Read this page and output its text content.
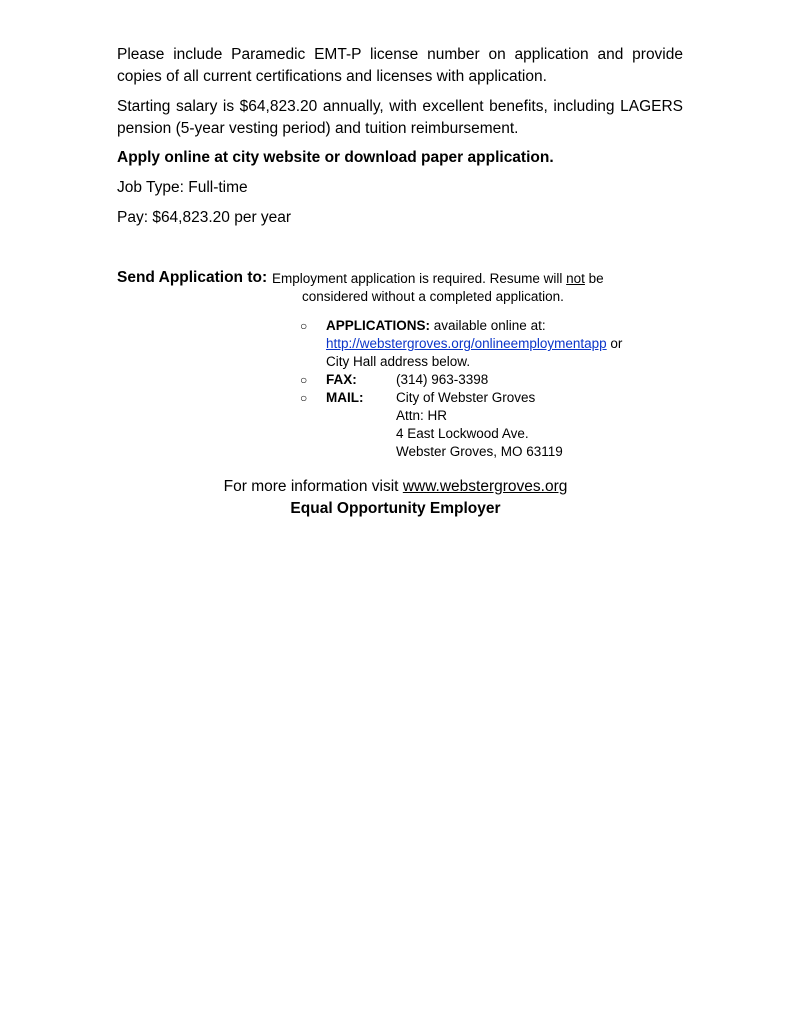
Please include Paramedic EMT-P license number on application and provide copies of all current certifications and licenses with application.

Starting salary is $64,823.20 annually, with excellent benefits, including LAGERS pension (5-year vesting period) and tuition reimbursement.

Apply online at city website or download paper application.

Job Type: Full-time

Pay: $64,823.20 per year

Send Application to: Employment application is required. Resume will not be
considered without a completed application.

○ APPLICATIONS: available online at:
http://webstergroves.org/onlineemploymentapp or
City Hall address below.
○ FAX:	(314) 963-3398
○ MAIL: City of Webster Groves
Attn: HR
4 East Lockwood Ave.
Webster Groves, MO 63119

For more information visit www.webstergroves.org

Equal Opportunity Employer
